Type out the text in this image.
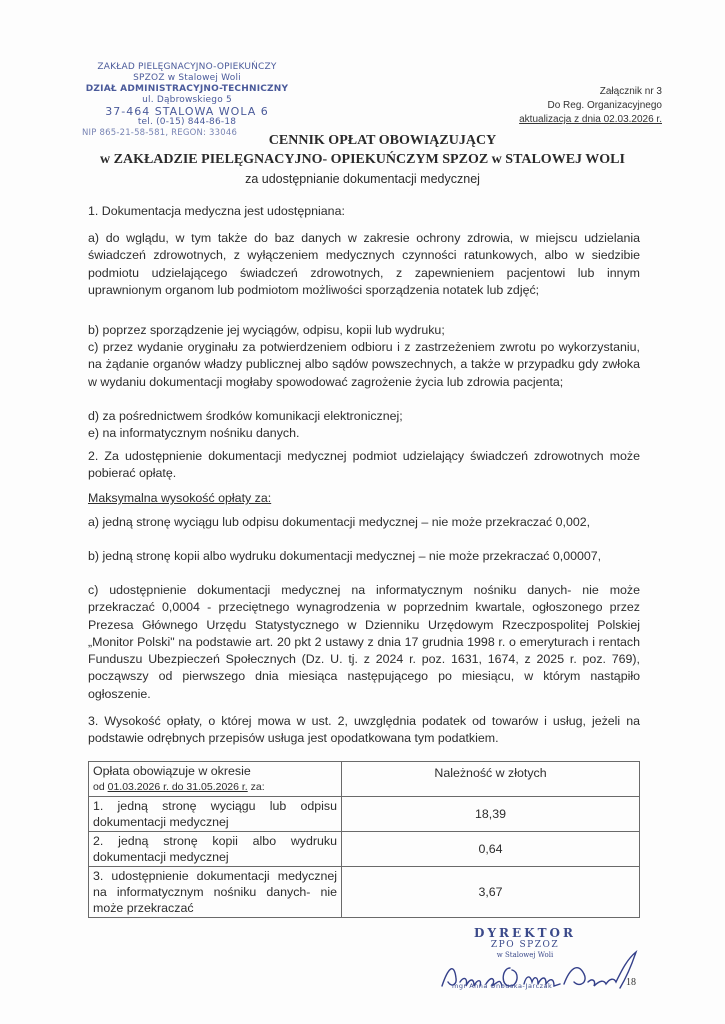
ZAKŁAD PIELĘGNACYJNO-OPIEKUŃCZY
SPZOZ w Stalowej Woli
DZIAŁ ADMINISTRACYJNO-TECHNICZNY
ul. Dąbrowskiego 5
37-464 STALOWA WOLA 6
tel. (0-15) 844-86-18
NIP 865-21-58-581, REGON: 33046
Załącznik nr 3
Do Reg. Organizacyjnego
aktualizacja z dnia 02.03.2026 r.
CENNIK OPŁAT OBOWIĄZUJĄCY
w ZAKŁADZIE PIELĘGNACYJNO- OPIEKUŃCZYM SPZOZ w STALOWEJ WOLI
za udostępnianie dokumentacji medycznej
1. Dokumentacja medyczna jest udostępniana:
a) do wglądu, w tym także do baz danych w zakresie ochrony zdrowia, w miejscu udzielania świadczeń zdrowotnych, z wyłączeniem medycznych czynności ratunkowych, albo w siedzibie podmiotu udzielającego świadczeń zdrowotnych, z zapewnieniem pacjentowi lub innym uprawnionym organom lub podmiotom możliwości sporządzenia notatek lub zdjęć;
b) poprzez sporządzenie jej wyciągów, odpisu, kopii lub wydruku;
c) przez wydanie oryginału za potwierdzeniem odbioru i z zastrzeżeniem zwrotu po wykorzystaniu, na żądanie organów władzy publicznej albo sądów powszechnych, a także w przypadku gdy zwłoka w wydaniu dokumentacji mogłaby spowodować zagrożenie życia lub zdrowia pacjenta;
d) za pośrednictwem środków komunikacji elektronicznej;
e) na informatycznym nośniku danych.
2. Za udostępnienie dokumentacji medycznej podmiot udzielający świadczeń zdrowotnych może pobierać opłatę.
Maksymalna wysokość opłaty za:
a) jedną stronę wyciągu lub odpisu dokumentacji medycznej – nie może przekraczać 0,002,
b) jedną stronę kopii albo wydruku dokumentacji medycznej – nie może przekraczać 0,00007,
c) udostępnienie dokumentacji medycznej na informatycznym nośniku danych- nie może przekraczać 0,0004 - przeciętnego wynagrodzenia w poprzednim kwartale, ogłoszonego przez Prezesa Głównego Urzędu Statystycznego w Dzienniku Urzędowym Rzeczpospolitej Polskiej „Monitor Polski" na podstawie art. 20 pkt 2 ustawy z dnia 17 grudnia 1998 r. o emeryturach i rentach Funduszu Ubezpieczeń Społecznych (Dz. U. tj. z 2024 r. poz. 1631, 1674, z 2025 r. poz. 769), począwszy od pierwszego dnia miesiąca następującego po miesiącu, w którym nastąpiło ogłoszenie.
3. Wysokość opłaty, o której mowa w ust. 2, uwzględnia podatek od towarów i usług, jeżeli na podstawie odrębnych przepisów usługa jest opodatkowana tym podatkiem.
Opłata obowiązuje w okresie
od 01.03.2026 r. do 31.05.2026 r. za:	Należność w złotych
1. jedną stronę wyciągu lub odpisu dokumentacji medycznej	18,39
2. jedną stronę kopii albo wydruku dokumentacji medycznej	0,64
3. udostępnienie dokumentacji medycznej na informatycznym nośniku danych- nie może przekraczać	3,67
DYREKTOR
ZPO SPZOZ
w Stalowej Woli
mgr Anna Onbuska-Jarczak	18
